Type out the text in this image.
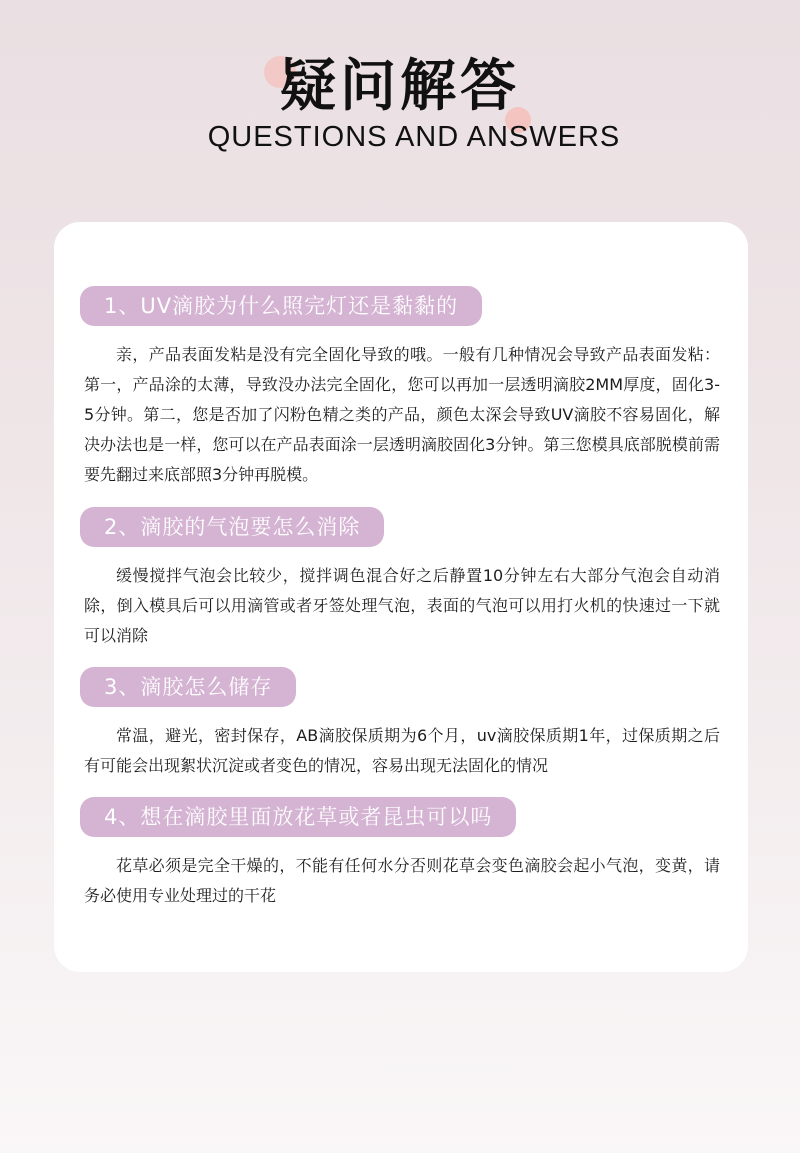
疑问解答
QUESTIONS AND ANSWERS
1、UV滴胶为什么照完灯还是黏黏的
亲，产品表面发粘是没有完全固化导致的哦。一般有几种情况会导致产品表面发粘：第一，产品涂的太薄，导致没办法完全固化，您可以再加一层透明滴胶2MM厚度，固化3-5分钟。第二，您是否加了闪粉色精之类的产品，颜色太深会导致UV滴胶不容易固化，解决办法也是一样，您可以在产品表面涂一层透明滴胶固化3分钟。第三您模具底部脱模前需要先翻过来底部照3分钟再脱模。
2、滴胶的气泡要怎么消除
缓慢搅拌气泡会比较少，搅拌调色混合好之后静置10分钟左右大部分气泡会自动消除，倒入模具后可以用滴管或者牙签处理气泡，表面的气泡可以用打火机的快速过一下就可以消除
3、滴胶怎么储存
常温，避光，密封保存，AB滴胶保质期为6个月，uv滴胶保质期1年，过保质期之后有可能会出现絮状沉淀或者变色的情况，容易出现无法固化的情况
4、想在滴胶里面放花草或者昆虫可以吗
花草必须是完全干燥的，不能有任何水分否则花草会变色滴胶会起小气泡，变黄，请务必使用专业处理过的干花
